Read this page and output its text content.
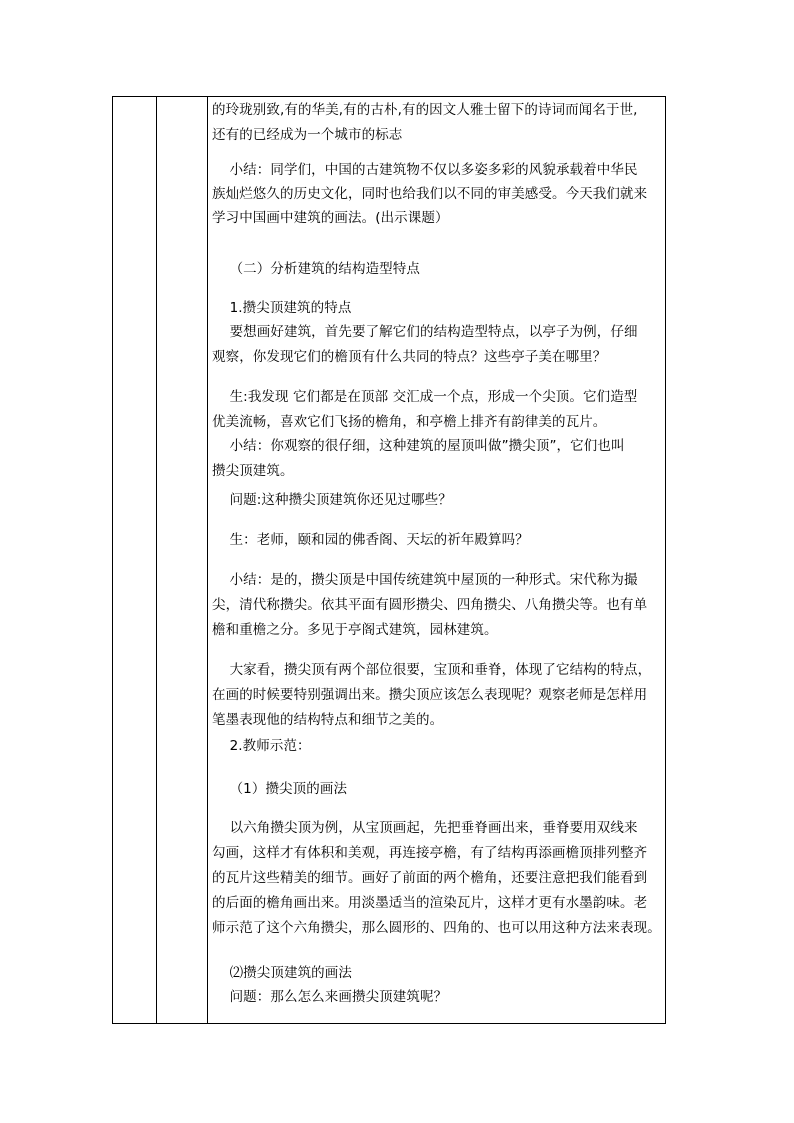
的玲珑别致,有的华美,有的古朴,有的因文人雅士留下的诗词而闻名于世,
还有的已经成为一个城市的标志
小结：同学们，中国的古建筑物不仅以多姿多彩的风貌承载着中华民
族灿烂悠久的历史文化，同时也给我们以不同的审美感受。今天我们就来
学习中国画中建筑的画法。(出示课题）
（二）分析建筑的结构造型特点
1.攒尖顶建筑的特点
要想画好建筑，首先要了解它们的结构造型特点，以亭子为例，仔细
观察，你发现它们的檐顶有什么共同的特点？这些亭子美在哪里？
生:我发现 它们都是在顶部 交汇成一个点，形成一个尖顶。它们造型
优美流畅，喜欢它们飞扬的檐角，和亭檐上排齐有韵律美的瓦片。
小结：你观察的很仔细，这种建筑的屋顶叫做”攒尖顶”，它们也叫
攒尖顶建筑。
问题:这种攒尖顶建筑你还见过哪些？
生：老师，颐和园的佛香阁、天坛的祈年殿算吗？
小结：是的，攒尖顶是中国传统建筑中屋顶的一种形式。宋代称为撮
尖，清代称攒尖。依其平面有圆形攒尖、四角攒尖、八角攒尖等。也有单
檐和重檐之分。多见于亭阁式建筑，园林建筑。
大家看，攒尖顶有两个部位很要，宝顶和垂脊，体现了它结构的特点，
在画的时候要特别强调出来。攒尖顶应该怎么表现呢？观察老师是怎样用
笔墨表现他的结构特点和细节之美的。
2.教师示范：
（1）攒尖顶的画法
以六角攒尖顶为例，从宝顶画起，先把垂脊画出来，垂脊要用双线来
勾画，这样才有体积和美观，再连接亭檐，有了结构再添画檐顶排列整齐
的瓦片这些精美的细节。画好了前面的两个檐角，还要注意把我们能看到
的后面的檐角画出来。用淡墨适当的渲染瓦片，这样才更有水墨韵味。老
师示范了这个六角攒尖，那么圆形的、四角的、也可以用这种方法来表现。
⑵攒尖顶建筑的画法
问题：那么怎么来画攒尖顶建筑呢？
